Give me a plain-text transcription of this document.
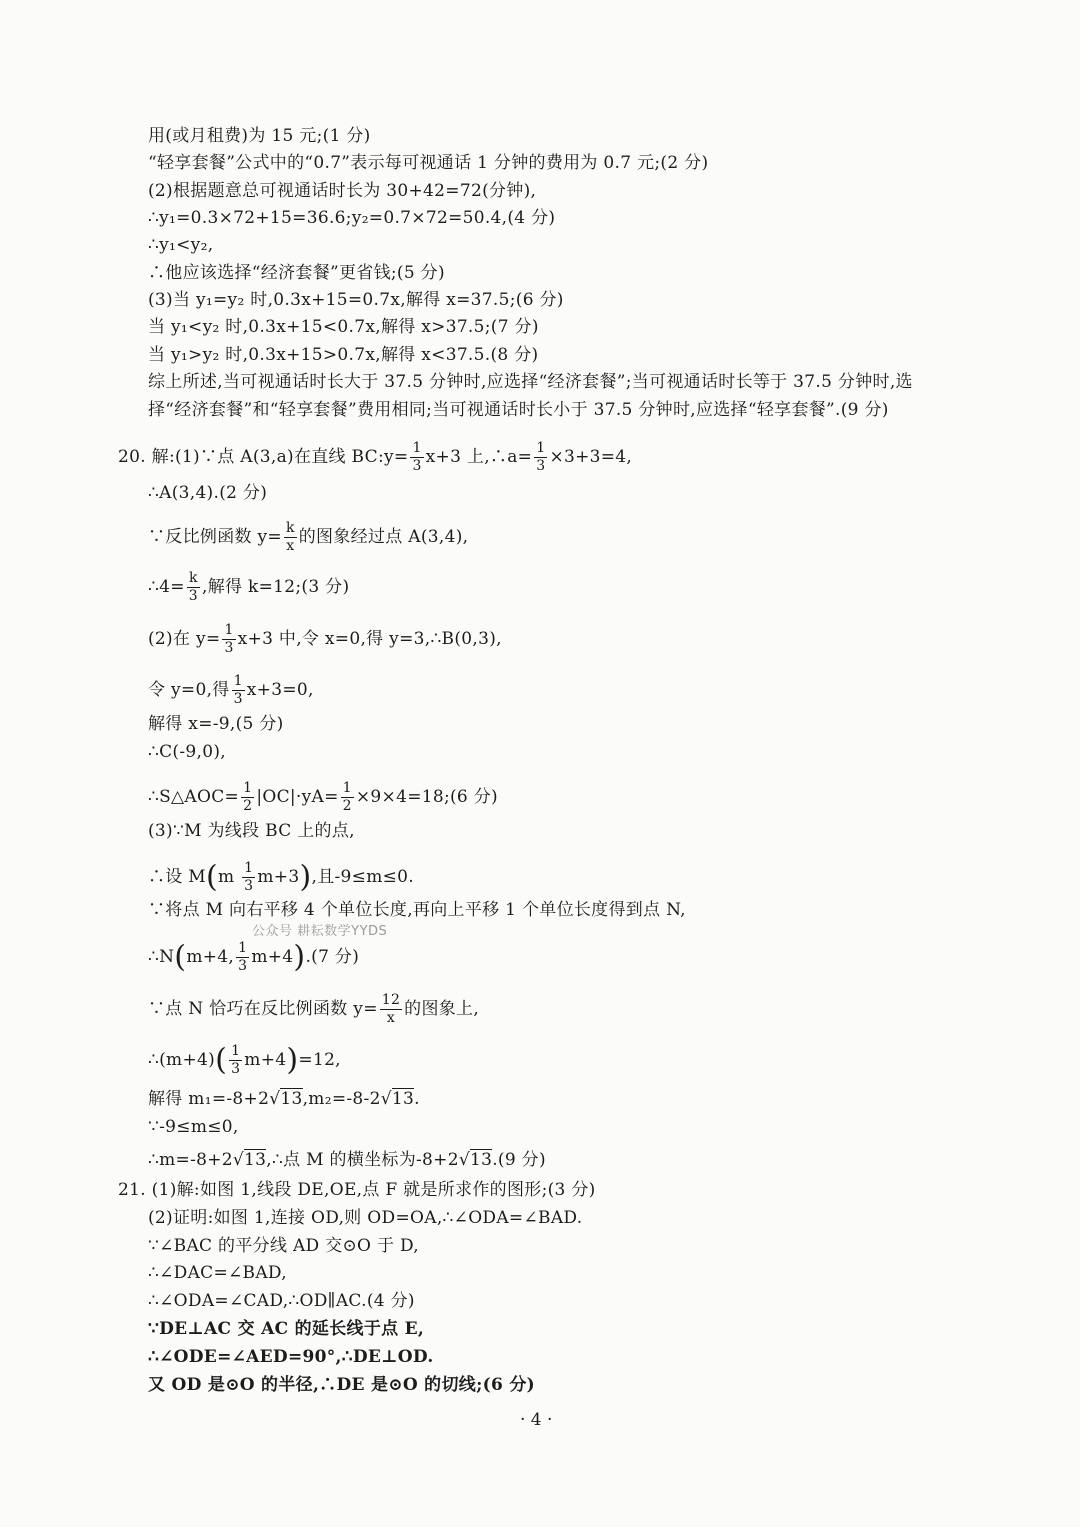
用(或月租费)为 15 元;(1 分)
“轻享套餐”公式中的“0.7”表示每可视通话 1 分钟的费用为 0.7 元;(2 分)
(2)根据题意总可视通话时长为 30+42=72(分钟),
∴y₁=0.3×72+15=36.6;y₂=0.7×72=50.4,(4 分)
∴y₁<y₂,
∴他应该选择“经济套餐”更省钱;(5 分)
(3)当 y₁=y₂ 时,0.3x+15=0.7x,解得 x=37.5;(6 分)
当 y₁<y₂ 时,0.3x+15<0.7x,解得 x>37.5;(7 分)
当 y₁>y₂ 时,0.3x+15>0.7x,解得 x<37.5.(8 分)
综上所述,当可视通话时长大于 37.5 分钟时,应选择“经济套餐”;当可视通话时长等于 37.5 分钟时,选
择“经济套餐”和“轻享套餐”费用相同;当可视通话时长小于 37.5 分钟时,应选择“轻享套餐”.(9 分)
20. 解:(1)∵点 A(3,a)在直线 BC:y= $\frac{1}{3} x+3$ 上,∴a= $\frac{1}{3} \times 3+3=4$,
∴A(3,4).(2 分)
∵反比例函数 $y= \frac{k}{x}$ 的图象经过点 A(3,4),
∴4= $\frac{k}{3}$ ,解得 k=12;(3 分)
(2)在 $y= \frac{1}{3} x+3$ 中,令 x=0,得 y=3,∴B(0,3),
令 y=0,得 $\frac{1}{3} x+3=0$,
解得 x=-9,(5 分)
∴C(-9,0),
∴S△AOC= $\frac{1}{2} |OC|\cdot yA= \frac{1}{2}$ ×9×4=18;(6 分)
(3)∵M 为线段 BC 上的点,
∴设 $M(m \frac{1}{3} m+3)$,且-9≤m≤0.
∵将点 M 向右平移 4 个单位长度,再向上平移 1 个单位长度得到点 N,
∴N(m+4, $\frac{1}{3} m+4).(7$ 分)
公众号 耕耘数学YYDS
∵点 N 恰巧在反比例函数 $y= \frac{12}{x}$ 的图象上,
∴(m+4)( $\frac{1}{3} m+4)=12$,
解得 m₁=-8+2√13,m₂=-8-2√13.
∵-9≤m≤0,
∴m=-8+2√13,∴点 M 的横坐标为-8+2√13.(9 分)
21. (1)解:如图 1,线段 DE,OE,点 F 就是所求作的图形;(3 分)
(2)证明:如图 1,连接 OD,则 OD=OA,∴∠ODA=∠BAD.
∵∠BAC 的平分线 AD 交⊙O 于 D,
∴∠DAC=∠BAD,
∴∠ODA=∠CAD,∴OD∥AC.(4 分)
∵DE⊥AC 交 AC 的延长线于点 E,
∴∠ODE=∠AED=90°,∴DE⊥OD.
又 OD 是⊙O 的半径,∴DE 是⊙O 的切线;(6 分)
· 4 ·
